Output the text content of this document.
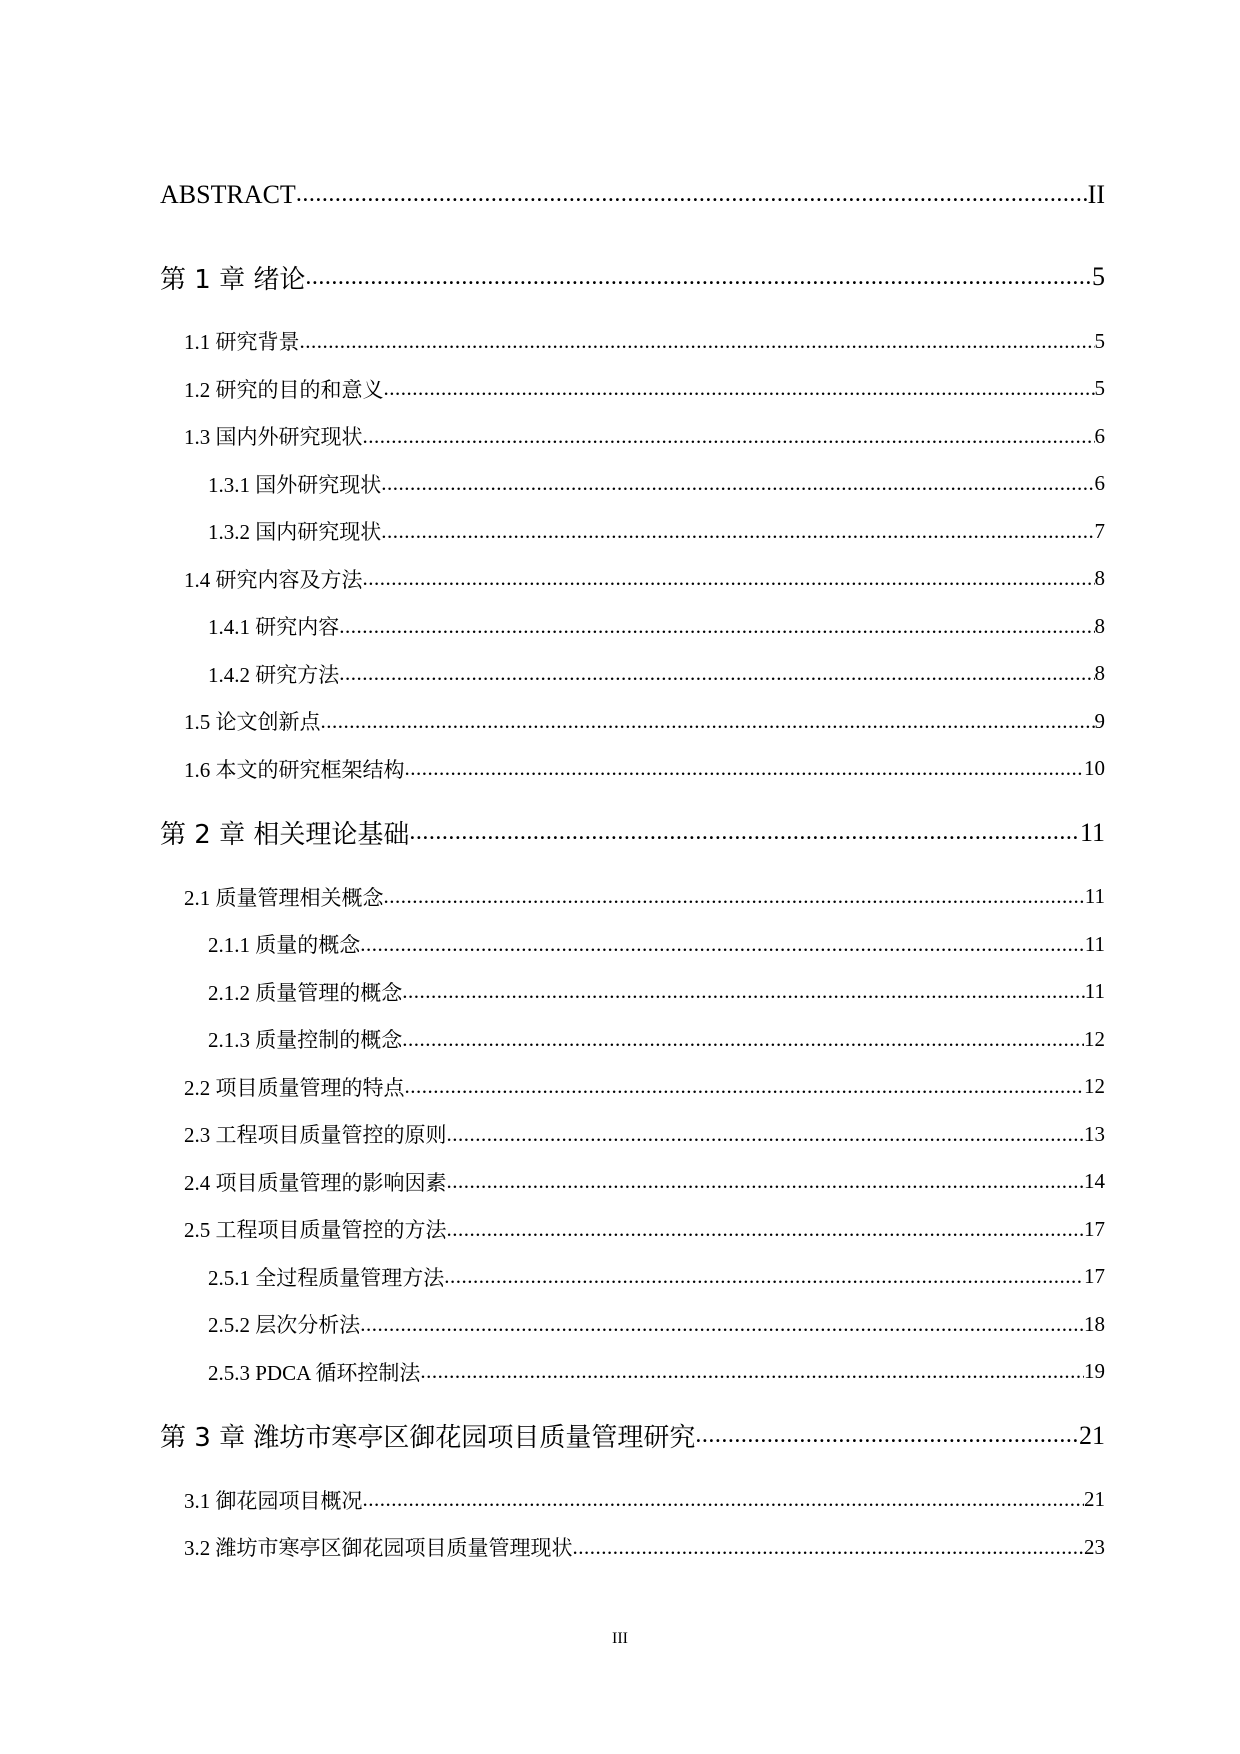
ABSTRACT .....	II
第 1 章 绪论 .....	5
1.1 研究背景 .....	5
1.2 研究的目的和意义 .....	5
1.3 国内外研究现状 .....	6
1.3.1 国外研究现状 .....	6
1.3.2 国内研究现状 .....	7
1.4 研究内容及方法 .....	8
1.4.1 研究内容 .....	8
1.4.2 研究方法 .....	8
1.5 论文创新点 .....	9
1.6 本文的研究框架结构 .....	10
第 2 章 相关理论基础 .....	11
2.1 质量管理相关概念 .....	11
2.1.1 质量的概念 .....	11
2.1.2 质量管理的概念 .....	11
2.1.3 质量控制的概念 .....	12
2.2 项目质量管理的特点 .....	12
2.3 工程项目质量管控的原则 .....	13
2.4 项目质量管理的影响因素 .....	14
2.5 工程项目质量管控的方法 .....	17
2.5.1 全过程质量管理方法 .....	17
2.5.2 层次分析法 .....	18
2.5.3 PDCA 循环控制法 .....	19
第 3 章 潍坊市寒亭区御花园项目质量管理研究 .....	21
3.1 御花园项目概况 .....	21
3.2 潍坊市寒亭区御花园项目质量管理现状 .....	23
III
